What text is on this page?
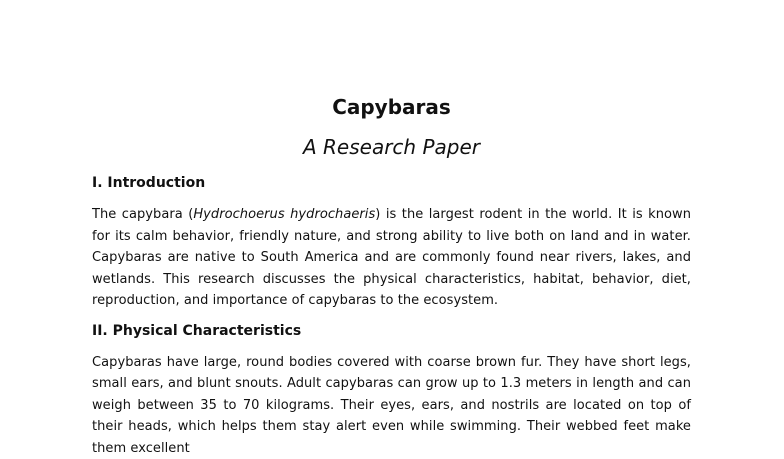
Capybaras
A Research Paper
I. Introduction

The capybara (Hydrochoerus hydrochaeris) is the largest rodent in the world. It is known for its calm behavior, friendly nature, and strong ability to live both on land and in water. Capybaras are native to South America and are commonly found near rivers, lakes, and wetlands. This research discusses the physical characteristics, habitat, behavior, diet, reproduction, and importance of capybaras to the ecosystem.

II. Physical Characteristics

Capybaras have large, round bodies covered with coarse brown fur. They have short legs, small ears, and blunt snouts. Adult capybaras can grow up to 1.3 meters in length and can weigh between 35 to 70 kilograms. Their eyes, ears, and nostrils are located on top of their heads, which helps them stay alert even while swimming. Their webbed feet make them excellent
